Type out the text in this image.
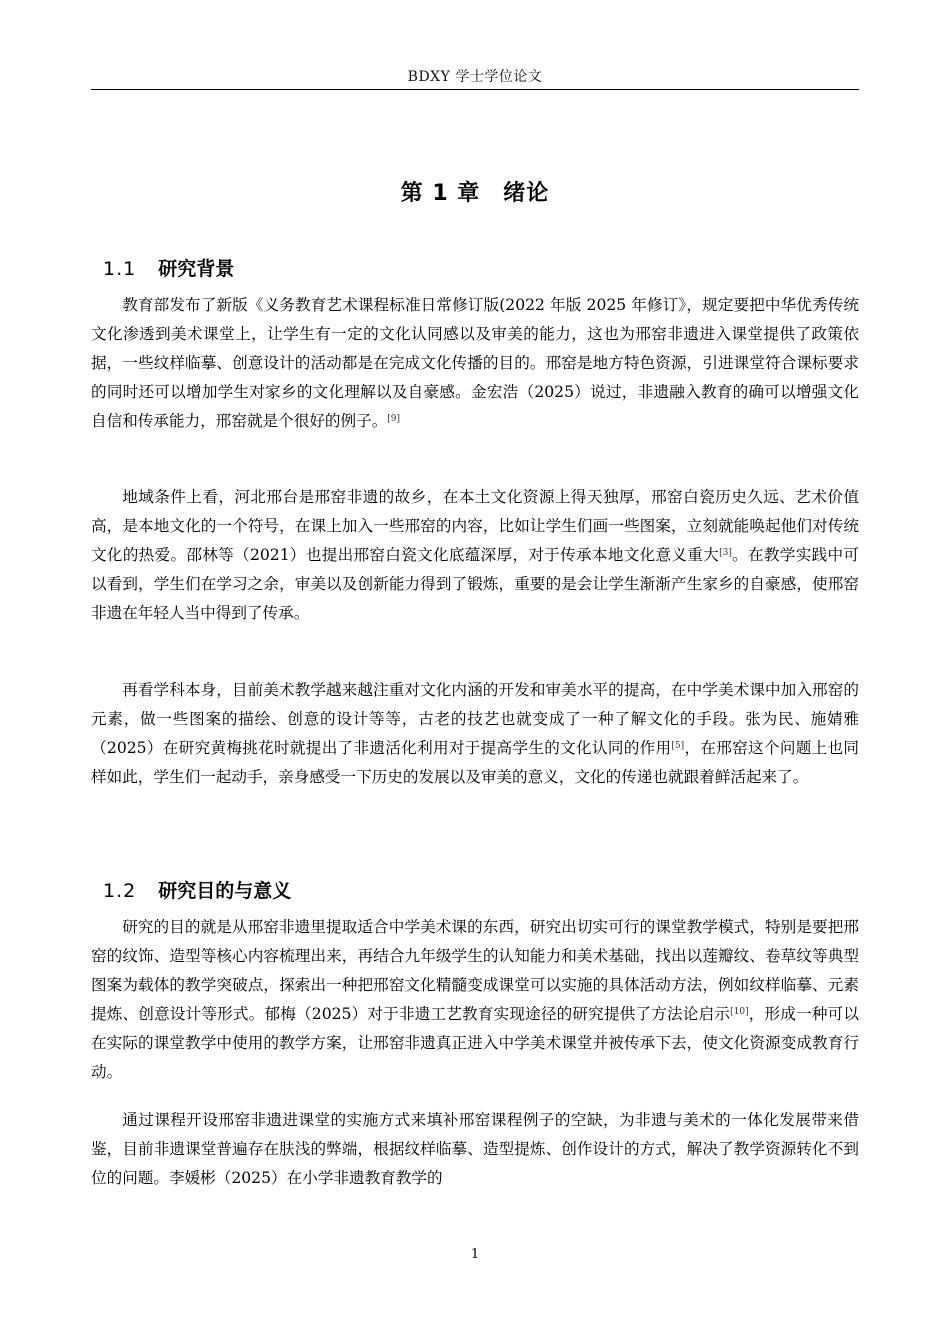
BDXY 学士学位论文
第 1 章　绪论
1.1 研究背景

教育部发布了新版《义务教育艺术课程标准日常修订版(2022 年版 2025 年修订》，规定要把中华优秀传统文化渗透到美术课堂上，让学生有一定的文化认同感以及审美的能力，这也为邢窑非遗进入课堂提供了政策依据，一些纹样临摹、创意设计的活动都是在完成文化传播的目的。邢窑是地方特色资源，引进课堂符合课标要求的同时还可以增加学生对家乡的文化理解以及自豪感。金宏浩（2025）说过，非遗融入教育的确可以增强文化自信和传承能力，邢窑就是个很好的例子。[9]

地域条件上看，河北邢台是邢窑非遗的故乡，在本土文化资源上得天独厚，邢窑白瓷历史久远、艺术价值高，是本地文化的一个符号，在课上加入一些邢窑的内容，比如让学生们画一些图案，立刻就能唤起他们对传统文化的热爱。邵林等（2021）也提出邢窑白瓷文化底蕴深厚，对于传承本地文化意义重大[3]。在教学实践中可以看到，学生们在学习之余，审美以及创新能力得到了锻炼，重要的是会让学生渐渐产生家乡的自豪感，使邢窑非遗在年轻人当中得到了传承。

再看学科本身，目前美术教学越来越注重对文化内涵的开发和审美水平的提高，在中学美术课中加入邢窑的元素，做一些图案的描绘、创意的设计等等，古老的技艺也就变成了一种了解文化的手段。张为民、施婧雅（2025）在研究黄梅挑花时就提出了非遗活化利用对于提高学生的文化认同的作用[5]，在邢窑这个问题上也同样如此，学生们一起动手，亲身感受一下历史的发展以及审美的意义，文化的传递也就跟着鲜活起来了。

1.2 研究目的与意义

研究的目的就是从邢窑非遗里提取适合中学美术课的东西，研究出切实可行的课堂教学模式，特别是要把邢窑的纹饰、造型等核心内容梳理出来，再结合九年级学生的认知能力和美术基础，找出以莲瓣纹、卷草纹等典型图案为载体的教学突破点，探索出一种把邢窑文化精髓变成课堂可以实施的具体活动方法，例如纹样临摹、元素提炼、创意设计等形式。郁梅（2025）对于非遗工艺教育实现途径的研究提供了方法论启示[10]，形成一种可以在实际的课堂教学中使用的教学方案，让邢窑非遗真正进入中学美术课堂并被传承下去，使文化资源变成教育行动。

通过课程开设邢窑非遗进课堂的实施方式来填补邢窑课程例子的空缺，为非遗与美术的一体化发展带来借鉴，目前非遗课堂普遍存在肤浅的弊端，根据纹样临摹、造型提炼、创作设计的方式，解决了教学资源转化不到位的问题。李媛彬（2025）在小学非遗教育教学的

1
